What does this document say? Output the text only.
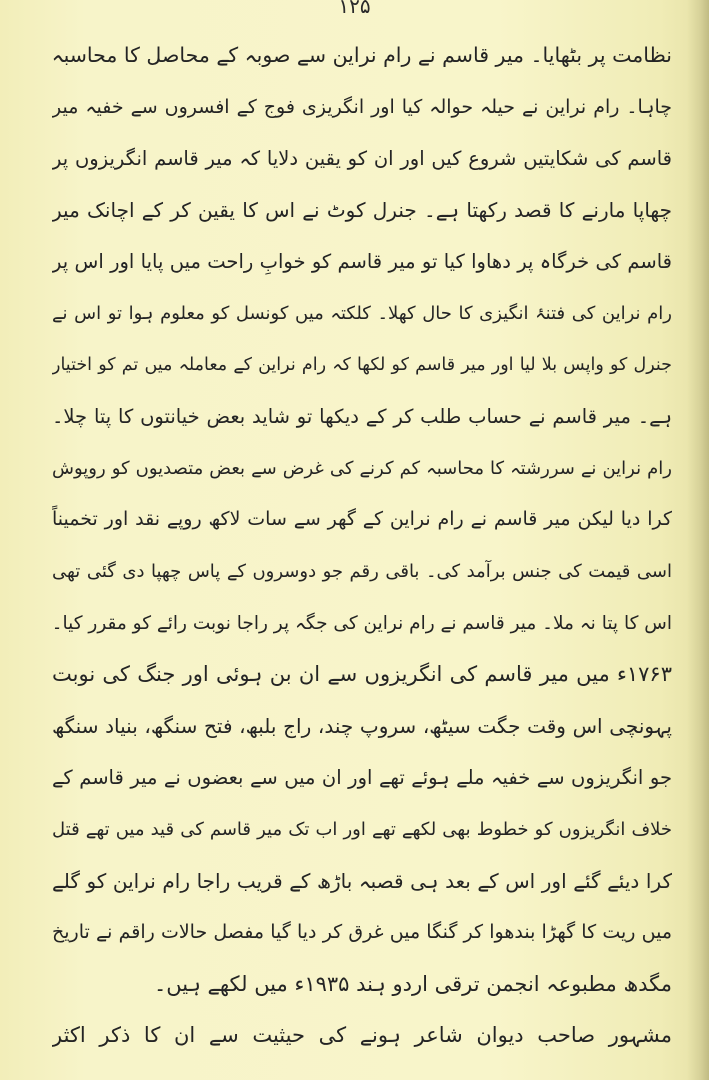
۱۲۵
نظامت پر بٹھایا۔ میر قاسم نے رام نراین سے صوبہ کے محاصل کا محاسبہ
چاہا۔ رام نراین نے حیلہ حوالہ کیا اور انگریزی فوج کے افسروں سے خفیہ میر
قاسم کی شکایتیں شروع کیں اور ان کو یقین دلایا کہ میر قاسم انگریزوں پر
چھاپا مارنے کا قصد رکھتا ہے۔ جنرل کوٹ نے اس کا یقین کر کے اچانک میر
قاسم کی خرگاہ پر دھاوا کیا تو میر قاسم کو خوابِ راحت میں پایا اور اس پر
رام نراین کی فتنۂ انگیزی کا حال کھلا۔ کلکتہ میں کونسل کو معلوم ہوا تو اس نے
جنرل کو واپس بلا لیا اور میر قاسم کو لکھا کہ رام نراین کے معاملہ میں تم کو اختیار
ہے۔ میر قاسم نے حساب طلب کر کے دیکھا تو شاید بعض خیانتوں کا پتا چلا۔
رام نراین نے سررشتہ کا محاسبہ کم کرنے کی غرض سے بعض متصدیوں کو روپوش
کرا دیا لیکن میر قاسم نے رام نراین کے گھر سے سات لاکھ روپے نقد اور تخمیناً
اسی قیمت کی جنس برآمد کی۔ باقی رقم جو دوسروں کے پاس چھپا دی گئی تھی
اس کا پتا نہ ملا۔ میر قاسم نے رام نراین کی جگہ پر راجا نوبت رائے کو مقرر کیا۔
۱۷۶۳ء میں میر قاسم کی انگریزوں سے ان بن ہوئی اور جنگ کی نوبت
پہونچی اس وقت جگت سیٹھ، سروپ چند، راج بلبھ، فتح سنگھ، بنیاد سنگھ
جو انگریزوں سے خفیہ ملے ہوئے تھے اور ان میں سے بعضوں نے میر قاسم کے
خلاف انگریزوں کو خطوط بھی لکھے تھے اور اب تک میر قاسم کی قید میں تھے قتل
کرا دیئے گئے اور اس کے بعد ہی قصبہ باڑھ کے قریب راجا رام نراین کو گلے
میں ریت کا گھڑا بندھوا کر گنگا میں غرق کر دیا گیا مفصل حالات راقم نے تاریخ
مگدھ مطبوعہ انجمن ترقی اردو ہند ۱۹۳۵ء میں لکھے ہیں۔
مشہور صاحب دیوان شاعر ہونے کی حیثیت سے ان کا ذکر اکثر
